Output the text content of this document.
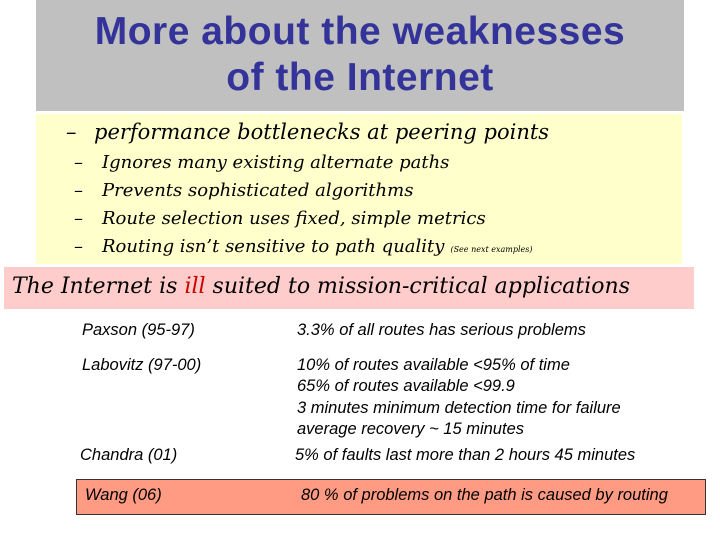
More about the weaknesses
of the Internet
– performance bottlenecks at peering points
– Ignores many existing alternate paths
– Prevents sophisticated algorithms
– Route selection uses fixed, simple metrics
– Routing isn’t sensitive to path quality (See next examples)
The Internet is ill suited to mission-critical applications
Paxson (95-97)	3.3% of all routes has serious problems
Labovitz (97-00)	10% of routes available <95% of time
65% of routes available <99.9
3 minutes minimum detection time for failure
average recovery ~ 15 minutes
Chandra (01)	5% of faults last more than 2 hours 45 minutes
Wang (06)	80 % of problems on the path is caused by routing
